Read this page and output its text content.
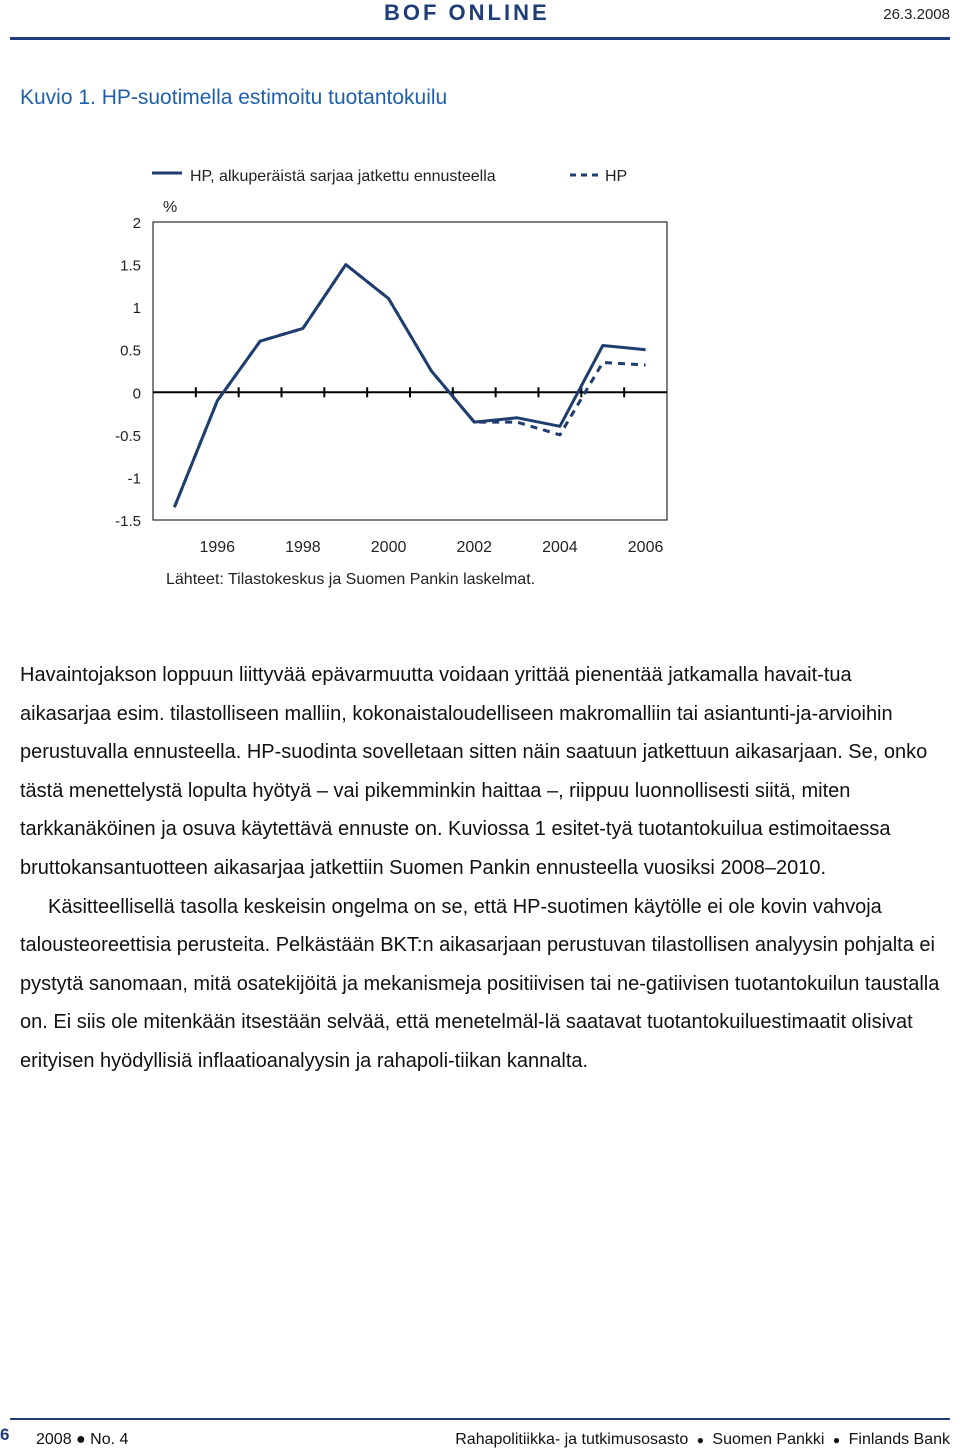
BOF ONLINE	26.3.2008
Kuvio 1. HP-suotimella estimoitu tuotantokuilu
2
1.5
1
0.5
0
-0.5
-1
-1.5
1996	1998	2000	2002	2004	2006
%
HP, alkuperäistä sarjaa jatkettu ennusteella	HP
Lähteet: Tilastokeskus ja Suomen Pankin laskelmat.

Havaintojakson loppuun liittyvää epävarmuutta voidaan yrittää pienentää jatkamalla havait-tua aikasarjaa esim. tilastolliseen malliin, kokonaistaloudelliseen makromalliin tai asiantunti-ja-arvioihin perustuvalla ennusteella. HP-suodinta sovelletaan sitten näin saatuun jatkettuun aikasarjaan. Se, onko tästä menettelystä lopulta hyötyä – vai pikemminkin haittaa –, riippuu luonnollisesti siitä, miten tarkkanäköinen ja osuva käytettävä ennuste on. Kuviossa 1 esitet-tyä tuotantokuilua estimoitaessa bruttokansantuotteen aikasarjaa jatkettiin Suomen Pankin ennusteella vuosiksi 2008–2010.

Käsitteellisellä tasolla keskeisin ongelma on se, että HP-suotimen käytölle ei ole kovin vahvoja talousteoreettisia perusteita. Pelkästään BKT:n aikasarjaan perustuvan tilastollisen analyysin pohjalta ei pystytä sanomaan, mitä osatekijöitä ja mekanismeja positiivisen tai ne-gatiivisen tuotantokuilun taustalla on. Ei siis ole mitenkään itsestään selvää, että menetelmäl-lä saatavat tuotantokuiluestimaatit olisivat erityisen hyödyllisiä inflaatioanalyysin ja rahapoli-tiikan kannalta.

6 2008 ● No. 4	Rahapolitiikka- ja tutkimusosasto ● Suomen Pankki ● Finlands Bank
